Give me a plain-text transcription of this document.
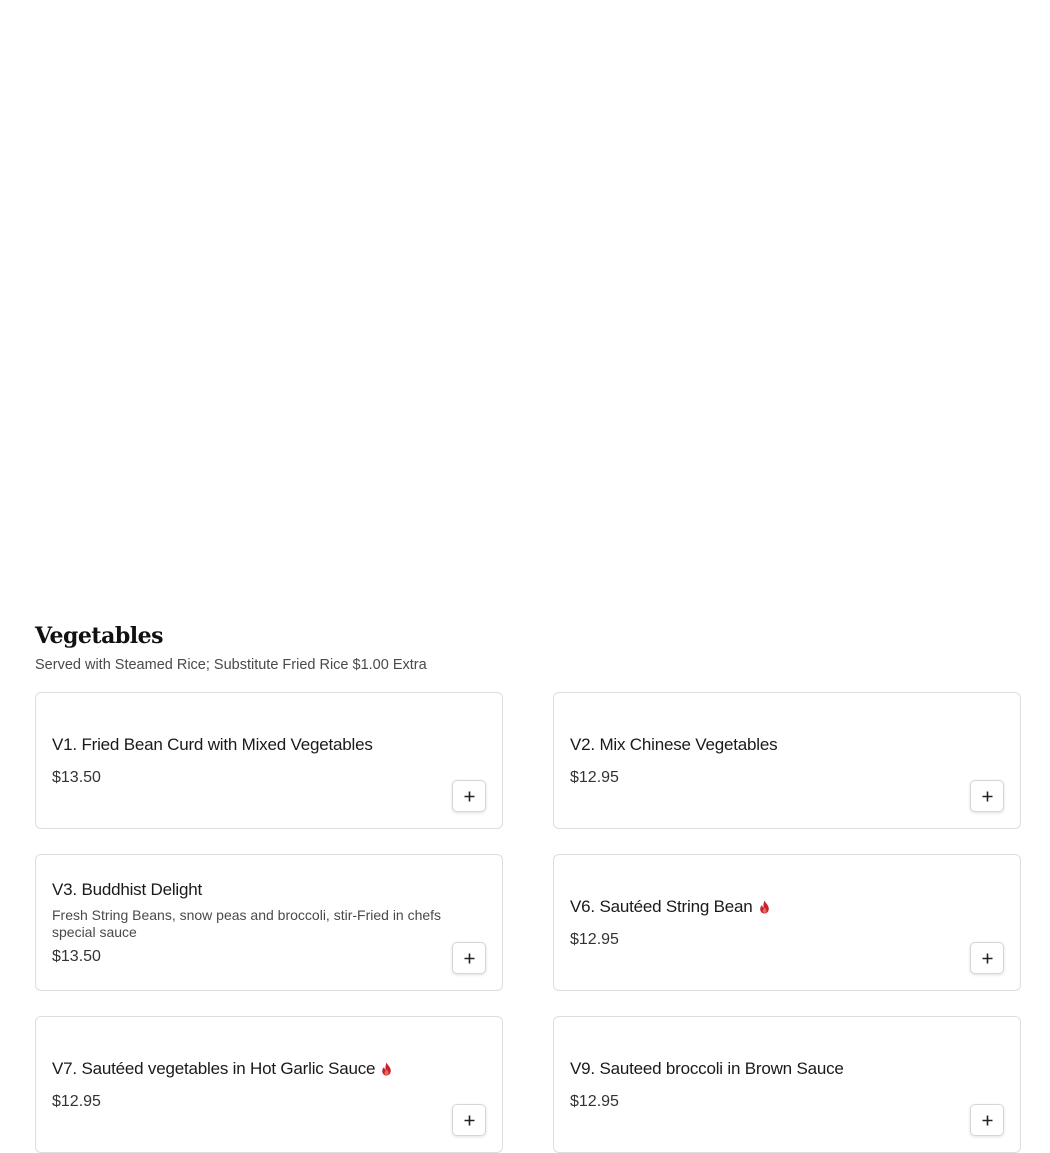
Vegetables

Served with Steamed Rice; Substitute Fried Rice $1.00 Extra

V1. Fried Bean Curd with Mixed Vegetables
$13.50
V2. Mix Chinese Vegetables
$12.95
V3. Buddhist Delight
Fresh String Beans, snow peas and broccoli, stir-Fried in chefs special sauce
$13.50
V6. Sautéed String Bean
$12.95
V7. Sautéed vegetables in Hot Garlic Sauce
$12.95
V9. Sauteed broccoli in Brown Sauce
$12.95
